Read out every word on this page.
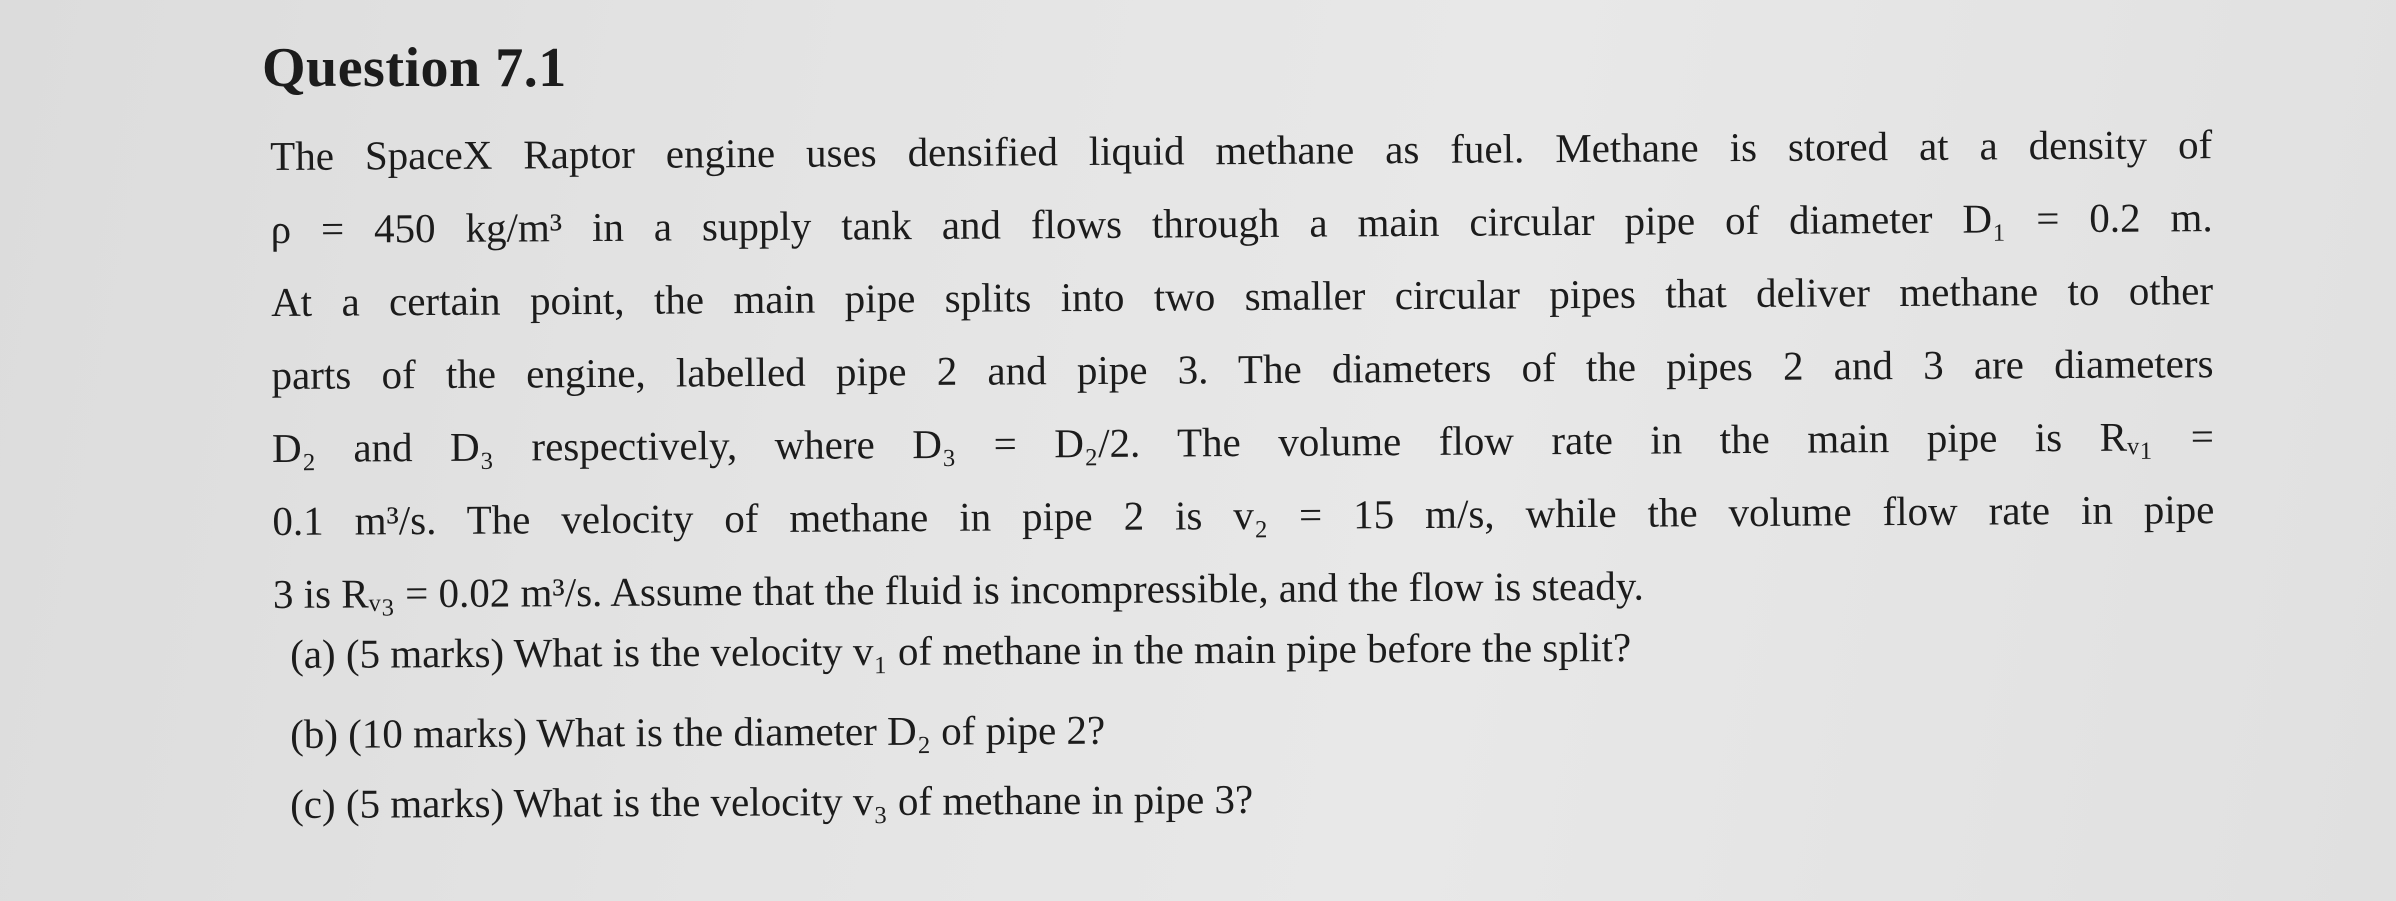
Question 7.1
The SpaceX Raptor engine uses densified liquid methane as fuel. Methane is stored at a density of
ρ = 450 kg/m³ in a supply tank and flows through a main circular pipe of diameter D₁ = 0.2 m.
At a certain point, the main pipe splits into two smaller circular pipes that deliver methane to other
parts of the engine, labelled pipe 2 and pipe 3. The diameters of the pipes 2 and 3 are diameters
D₂ and D₃ respectively, where D₃ = D₂/2. The volume flow rate in the main pipe is Rᵥ₁ =
0.1 m³/s. The velocity of methane in pipe 2 is v₂ = 15 m/s, while the volume flow rate in pipe
3 is Rᵥ₃ = 0.02 m³/s. Assume that the fluid is incompressible, and the flow is steady.

(a) (5 marks) What is the velocity v₁ of methane in the main pipe before the split?

(b) (10 marks) What is the diameter D₂ of pipe 2?

(c) (5 marks) What is the velocity v₃ of methane in pipe 3?
